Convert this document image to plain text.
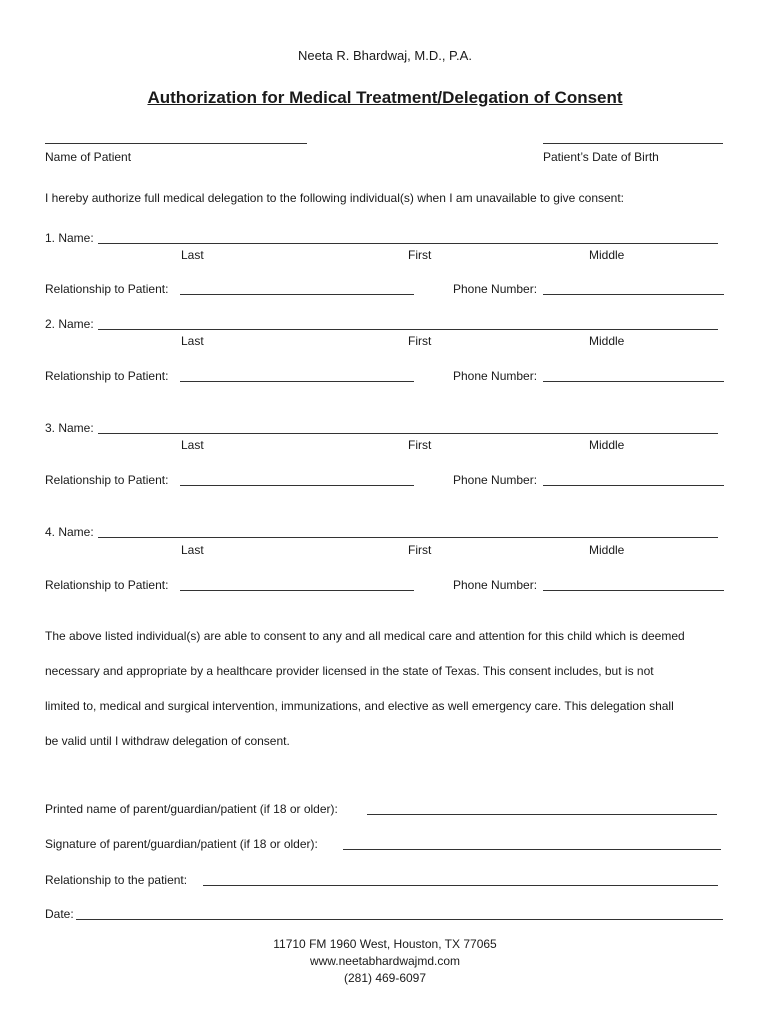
Neeta R. Bhardwaj, M.D., P.A.
Authorization for Medical Treatment/Delegation of Consent
Name of Patient	Patient’s Date of Birth
I hereby authorize full medical delegation to the following individual(s) when I am unavailable to give consent:
1. Name:
Last	First	Middle
Relationship to Patient:	Phone Number:
2. Name:
Last	First	Middle
Relationship to Patient:	Phone Number:
3. Name:
Last	First	Middle
Relationship to Patient:	Phone Number:
4. Name:
Last	First	Middle
Relationship to Patient:	Phone Number:
The above listed individual(s) are able to consent to any and all medical care and attention for this child which is deemed
necessary and appropriate by a healthcare provider licensed in the state of Texas. This consent includes, but is not
limited to, medical and surgical intervention, immunizations, and elective as well emergency care. This delegation shall
be valid until I withdraw delegation of consent.
Printed name of parent/guardian/patient (if 18 or older):
Signature of parent/guardian/patient (if 18 or older):
Relationship to the patient:
Date:
11710 FM 1960 West, Houston, TX 77065
www.neetabhardwajmd.com
(281) 469-6097
